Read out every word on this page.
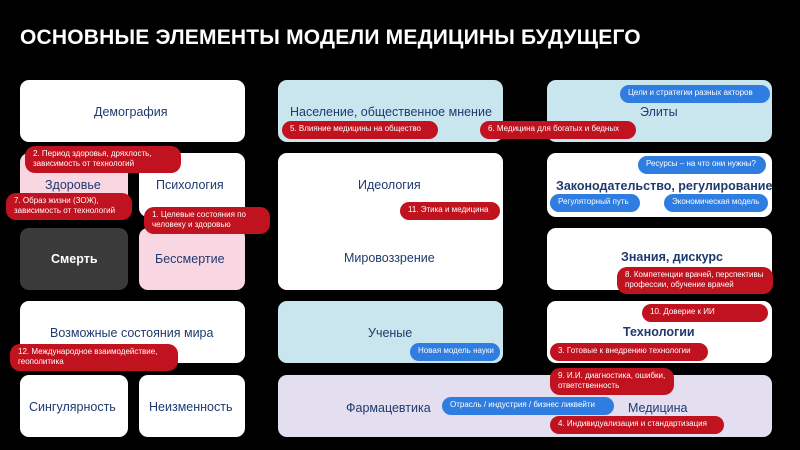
ОСНОВНЫЕ ЭЛЕМЕНТЫ МОДЕЛИ МЕДИЦИНЫ БУДУЩЕГО
Демография
Здоровье	Психология
Смерть	Бессмертие
Возможные состояния мира
Сингулярность	Неизменность
Население, общественное мнение
Идеология
Мировоззрение
Ученые
Фармацевтика	Медицина
Элиты
Законодательство, регулирование
Знания, дискурс
Технологии
2. Период здоровья, дряхлость, зависимость от технологий
7. Образ жизни (ЗОЖ), зависимость от технологий	1. Целевые состояния по человеку и здоровью
5. Влияние медицины на общество	6. Медицина для богатых и бедных
11. Этика и медицина
Цели и стратегии разных акторов
Ресурсы – на что они нужны?
Регуляторный путь	Экономическая модель
8. Компетенции врачей, перспективы профессии, обучение врачей
10. Доверие к ИИ
3. Готовые к внедрению технологии
12. Международное взаимодействие, геополитика
Новая модель науки
9. И.И. диагностика, ошибки, ответственность
Отрасль / индустрия / бизнес ликвейти
4. Индивидуализация и стандартизация
